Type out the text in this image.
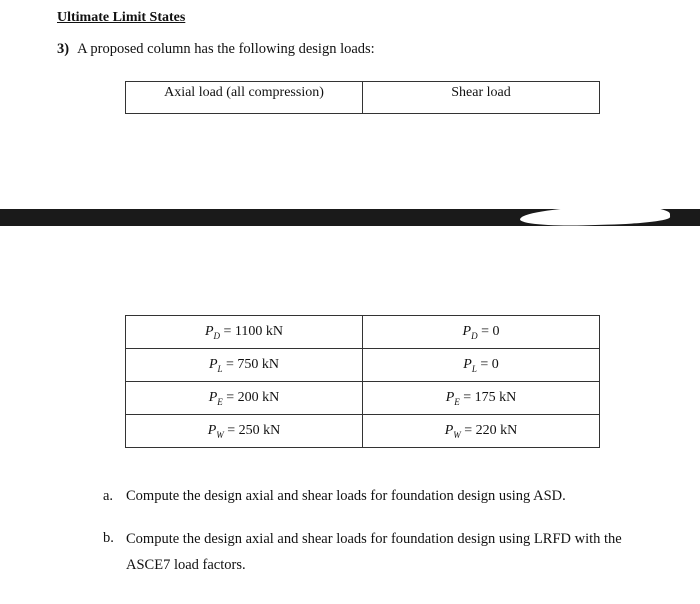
Ultimate Limit States
3) A proposed column has the following design loads:
Axial load (all compression)	Shear load
$P_D = 1100$ kN	$P_D = 0$
$P_L = 750$ kN	$P_L = 0$
$P_E = 200$ kN	$P_E = 175$ kN
$P_W = 250$ kN	$P_W = 220$ kN
a. Compute the design axial and shear loads for foundation design using ASD.
b. Compute the design axial and shear loads for foundation design using LRFD with the ASCE7 load factors.
